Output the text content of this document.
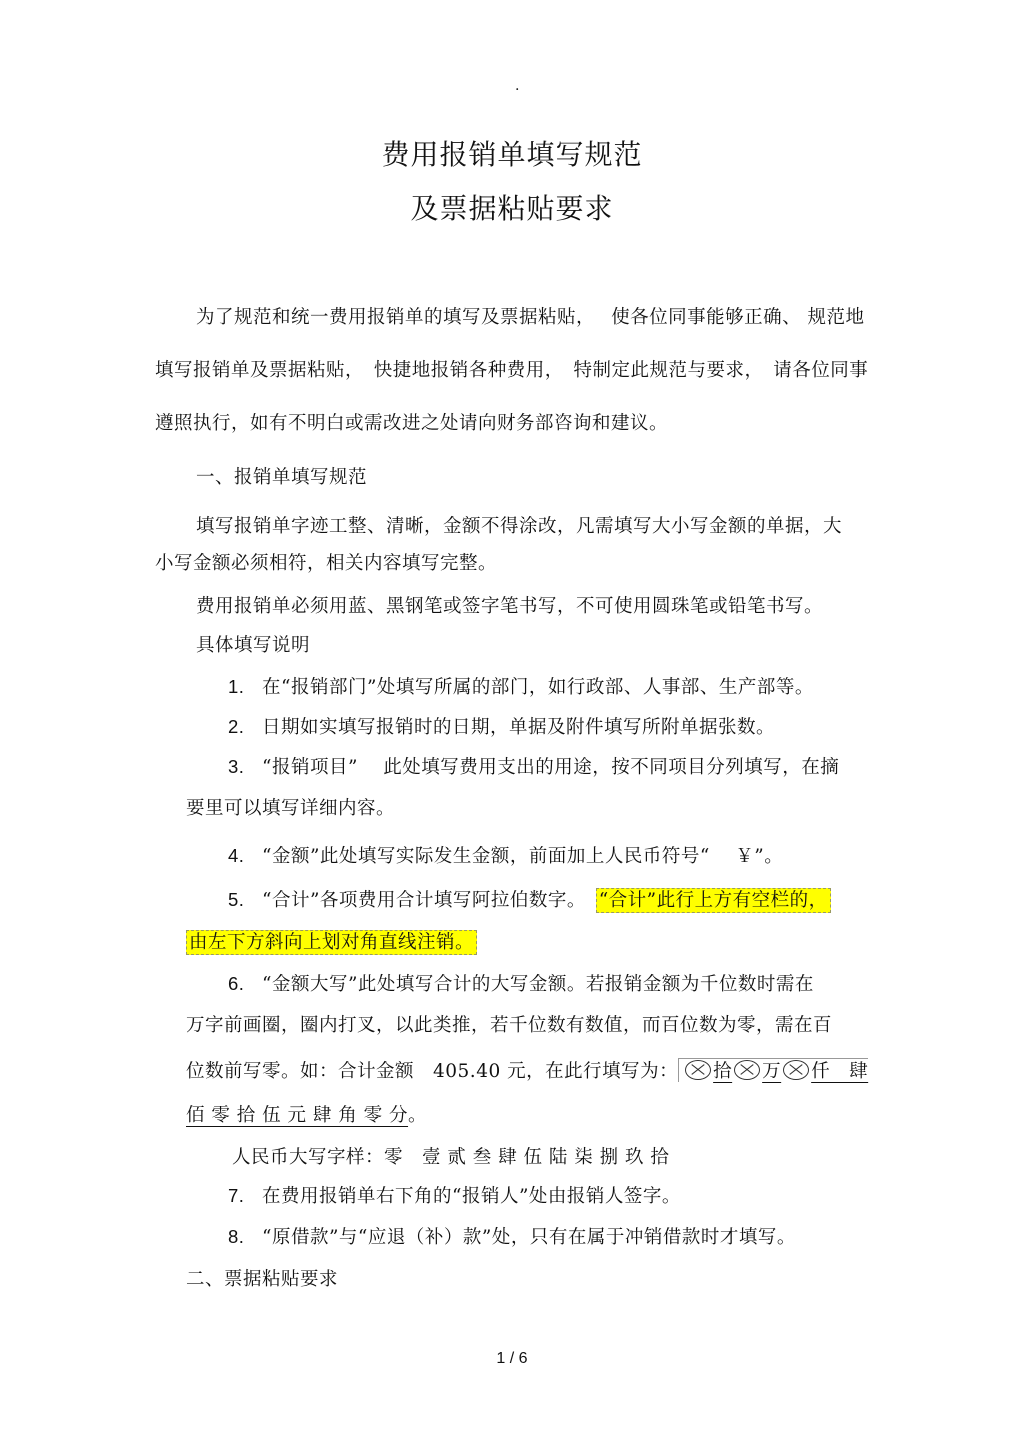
.
费用报销单填写规范
及票据粘贴要求
为了规范和统一费用报销单的填写及票据粘贴，　 使各位同事能够正确、 规范地
填写报销单及票据粘贴，　快捷地报销各种费用，　特制定此规范与要求，　请各位同事
遵照执行，如有不明白或需改进之处请向财务部咨询和建议。
一、报销单填写规范
填写报销单字迹工整、清晰，金额不得涂改，凡需填写大小写金额的单据，大
小写金额必须相符，相关内容填写完整。
费用报销单必须用蓝、黑钢笔或签字笔书写，不可使用圆珠笔或铅笔书写。
具体填写说明
1. 在“报销部门”处填写所属的部门，如行政部、人事部、生产部等。
2. 日期如实填写报销时的日期，单据及附件填写所附单据张数。
3. “报销项目”　 此处填写费用支出的用途，按不同项目分列填写，在摘
要里可以填写详细内容。
4. “金额”此处填写实际发生金额，前面加上人民币符号“　 ￥”。
5. “合计”各项费用合计填写阿拉伯数字。　 “合计”此行上方有空栏的，
由左下方斜向上划对角直线注销。
6. “金额大写”此处填写合计的大写金额。若报销金额为千位数时需在
万字前画圈，圈内打叉，以此类推，若千位数有数值，而百位数为零，需在百
位数前写零。如：合计金额　405.40 元，在此行填写为： 拾 万 仟　肆
佰 零 拾 伍 元 肆 角 零 分。
人民币大写字样：零　壹 贰 叁 肆 伍 陆 柒 捌 玖 拾
7. 在费用报销单右下角的“报销人”处由报销人签字。
8. “原借款”与“应退（补）款”处，只有在属于冲销借款时才填写。
二、票据粘贴要求
1 / 6
